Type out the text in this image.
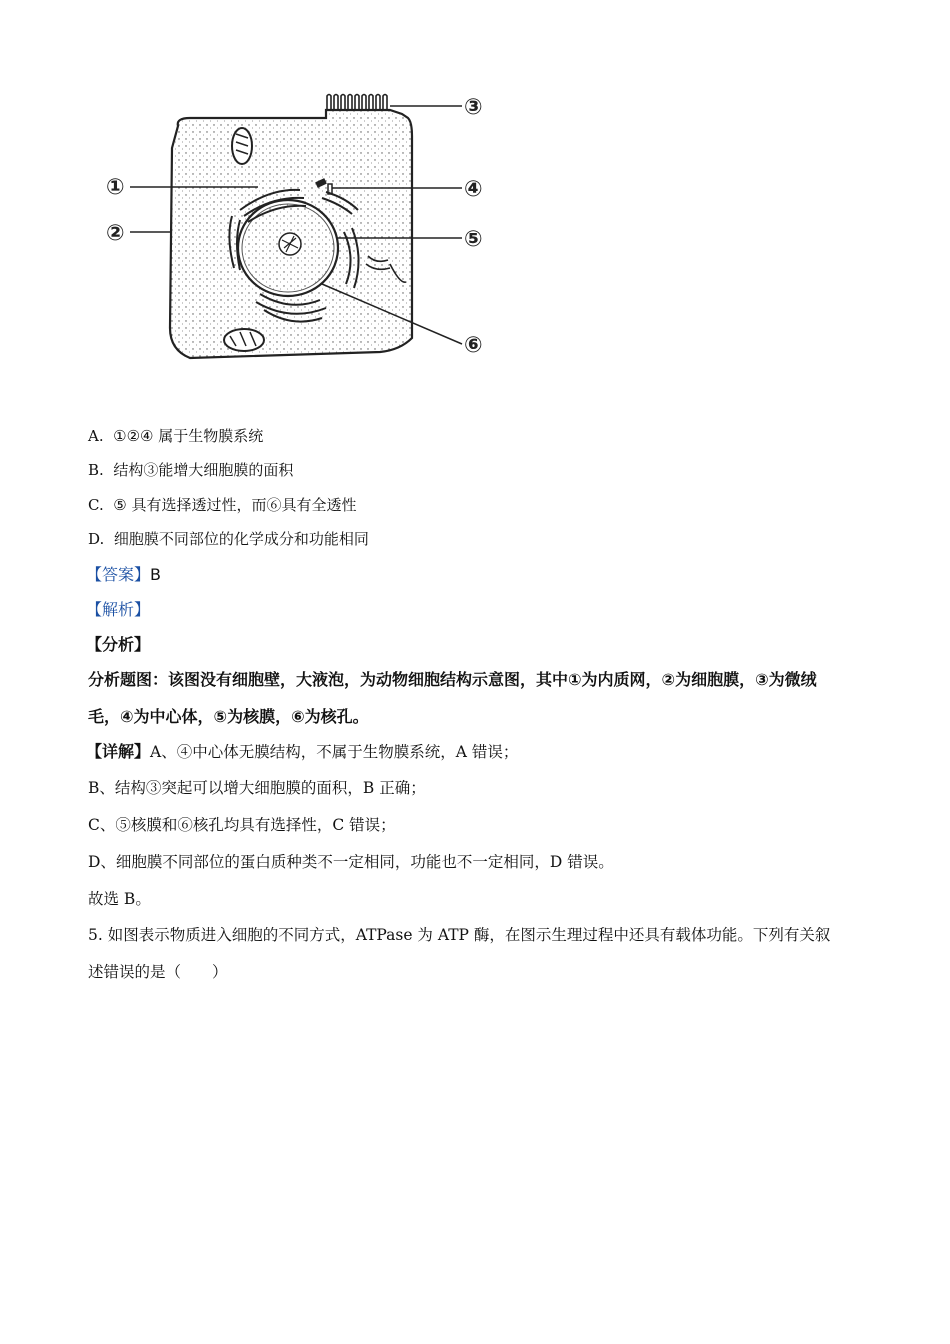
①
②
③
④
⑤
⑥
A. ①②④ 属于生物膜系统
B. 结构③能增大细胞膜的面积
C. ⑤ 具有选择透过性，而⑥具有全透性
D. 细胞膜不同部位的化学成分和功能相同
【答案】B
【解析】
【分析】
分析题图：该图没有细胞壁，大液泡，为动物细胞结构示意图，其中①为内质网，②为细胞膜，③为微绒
毛，④为中心体，⑤为核膜，⑥为核孔。
【详解】A、④中心体无膜结构，不属于生物膜系统，A 错误；
B、结构③突起可以增大细胞膜的面积，B 正确；
C、⑤核膜和⑥核孔均具有选择性，C 错误；
D、细胞膜不同部位的蛋白质种类不一定相同，功能也不一定相同，D 错误。
故选 B。
5. 如图表示物质进入细胞的不同方式，ATPase 为 ATP 酶，在图示生理过程中还具有载体功能。下列有关叙
述错误的是（　　）
